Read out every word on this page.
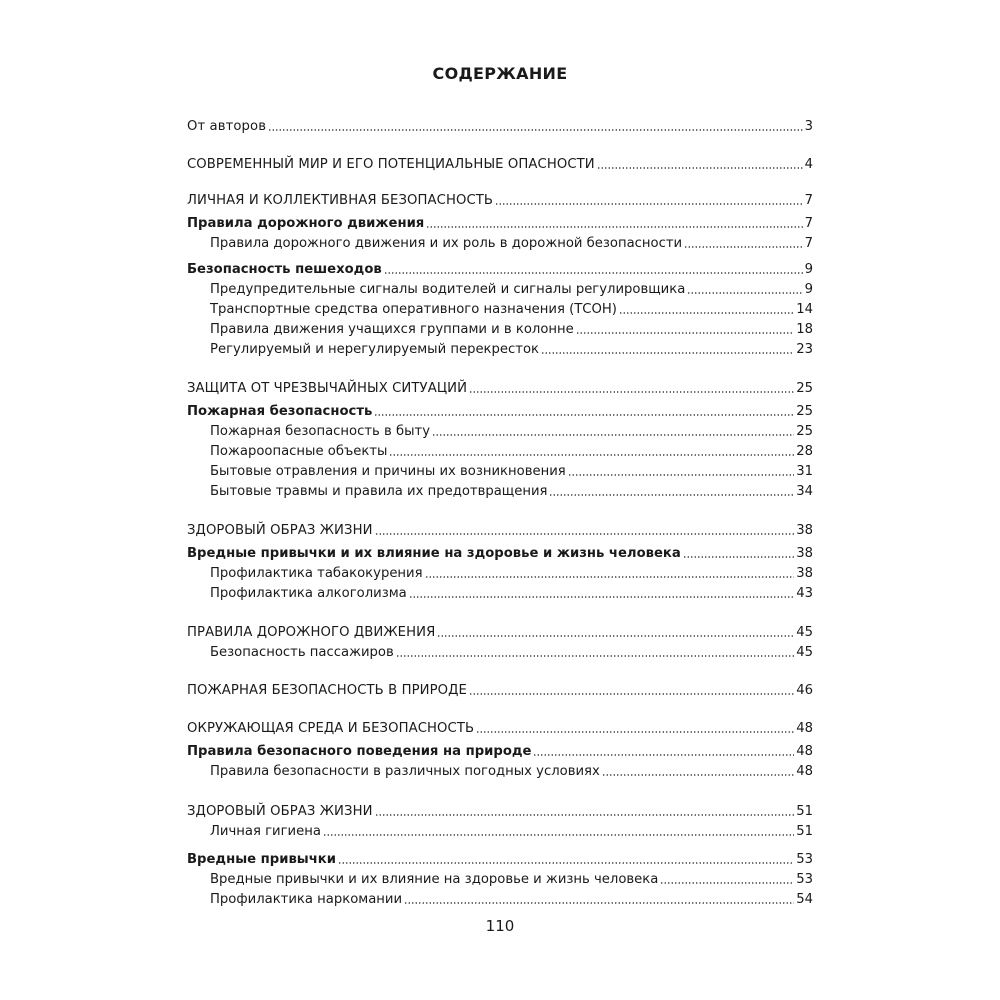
СОДЕРЖАНИЕ
От авторов	3
СОВРЕМЕННЫЙ МИР И ЕГО ПОТЕНЦИАЛЬНЫЕ ОПАСНОСТИ	4
ЛИЧНАЯ И КОЛЛЕКТИВНАЯ БЕЗОПАСНОСТЬ	7
Правила дорожного движения	7
Правила дорожного движения и их роль в дорожной безопасности	7
Безопасность пешеходов	9
Предупредительные сигналы водителей и сигналы регулировщика	9
Транспортные средства оперативного назначения (ТСОН)	14
Правила движения учащихся группами и в колонне	18
Регулируемый и нерегулируемый перекресток	23
ЗАЩИТА ОТ ЧРЕЗВЫЧАЙНЫХ СИТУАЦИЙ	25
Пожарная безопасность	25
Пожарная безопасность в быту	25
Пожароопасные объекты	28
Бытовые отравления и причины их возникновения	31
Бытовые травмы и правила их предотвращения	34
ЗДОРОВЫЙ ОБРАЗ ЖИЗНИ	38
Вредные привычки и их влияние на здоровье и жизнь человека	38
Профилактика табакокурения	38
Профилактика алкоголизма	43
ПРАВИЛА ДОРОЖНОГО ДВИЖЕНИЯ	45
Безопасность пассажиров	45
ПОЖАРНАЯ БЕЗОПАСНОСТЬ В ПРИРОДЕ	46
ОКРУЖАЮЩАЯ СРЕДА И БЕЗОПАСНОСТЬ	48
Правила безопасного поведения на природе	48
Правила безопасности в различных погодных условиях	48
ЗДОРОВЫЙ ОБРАЗ ЖИЗНИ	51
Личная гигиена	51
Вредные привычки	53
Вредные привычки и их влияние на здоровье и жизнь человека	53
Профилактика наркомании	54
110
